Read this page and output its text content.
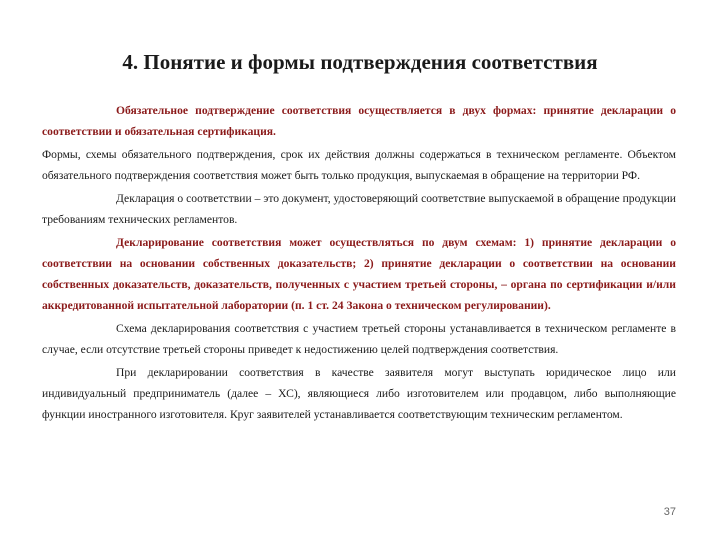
4. Понятие и формы подтверждения соответствия

Обязательное подтверждение соответствия осуществляется в двух формах: принятие декларации о соответствии и обязательная сертификация.

Формы, схемы обязательного подтверждения, срок их действия должны содержаться в техническом регламенте. Объектом обязательного подтверждения соответствия может быть только продукция, выпускаемая в обращение на территории РФ.

Декларация о соответствии – это документ, удостоверяющий соответствие выпускаемой в обращение продукции требованиям технических регламентов.

Декларирование соответствия может осуществляться по двум схемам: 1) принятие декларации о соответствии на основании собственных доказательств; 2) принятие декларации о соответствии на основании собственных доказательств, доказательств, полученных с участием третьей стороны, – органа по сертификации и/или аккредитованной испытательной лаборатории (п. 1 ст. 24 Закона о техническом регулировании).

Схема декларирования соответствия с участием третьей стороны устанавливается в техническом регламенте в случае, если отсутствие третьей стороны приведет к недостижению целей подтверждения соответствия.

При декларировании соответствия в качестве заявителя могут выступать юридическое лицо или индивидуальный предприниматель (далее – ХС), являющиеся либо изготовителем или продавцом, либо выполняющие функции иностранного изготовителя. Круг заявителей устанавливается соответствующим техническим регламентом.

37
